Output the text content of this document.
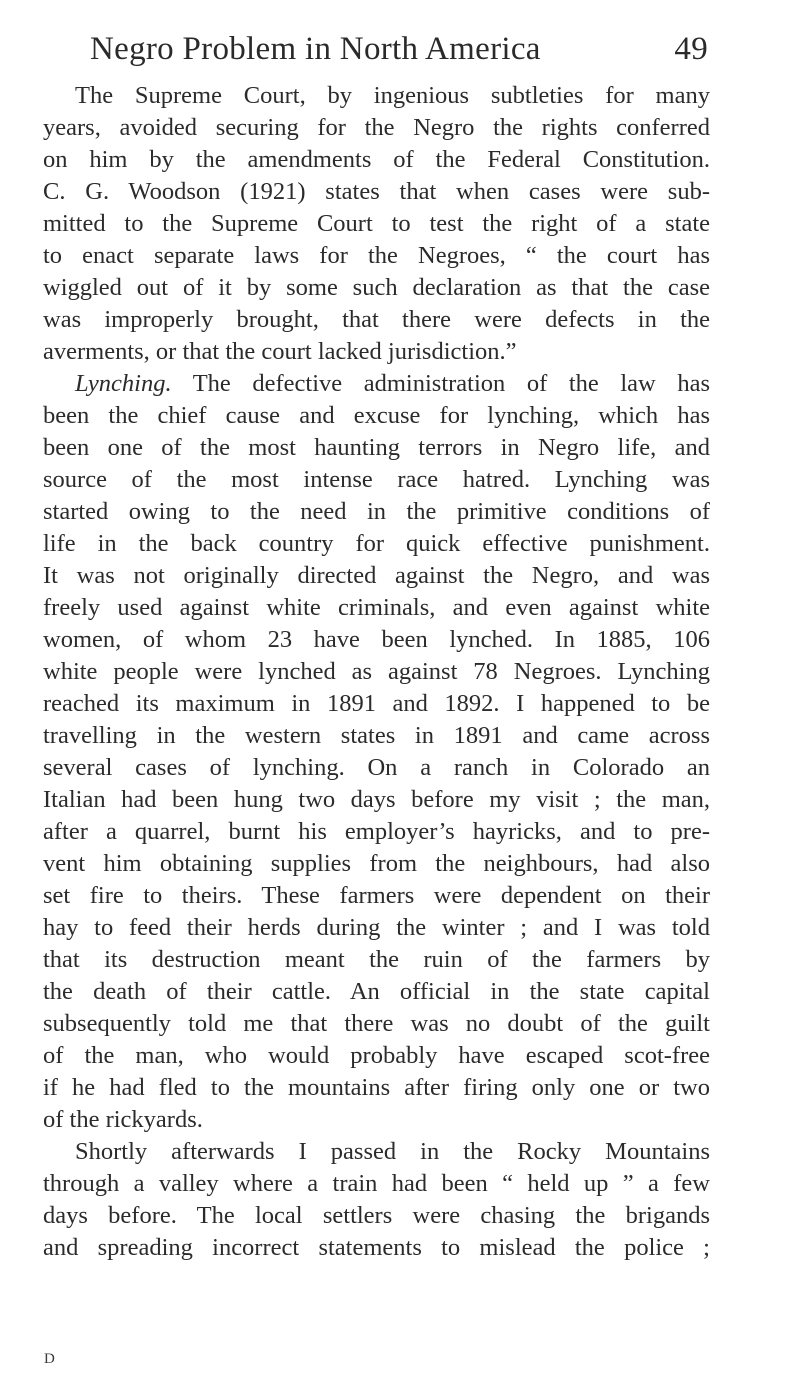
Negro Problem in North America	49
The Supreme Court, by ingenious subtleties for many
years, avoided securing for the Negro the rights conferred
on him by the amendments of the Federal Constitution.
C. G. Woodson (1921) states that when cases were sub-
mitted to the Supreme Court to test the right of a state
to enact separate laws for the Negroes, “ the court has
wiggled out of it by some such declaration as that the case
was improperly brought, that there were defects in the
averments, or that the court lacked jurisdiction.”
Lynching. The defective administration of the law has
been the chief cause and excuse for lynching, which has
been one of the most haunting terrors in Negro life, and
source of the most intense race hatred. Lynching was
started owing to the need in the primitive conditions of
life in the back country for quick effective punishment.
It was not originally directed against the Negro, and was
freely used against white criminals, and even against white
women, of whom 23 have been lynched. In 1885, 106
white people were lynched as against 78 Negroes. Lynching
reached its maximum in 1891 and 1892. I happened to be
travelling in the western states in 1891 and came across
several cases of lynching. On a ranch in Colorado an
Italian had been hung two days before my visit ; the man,
after a quarrel, burnt his employer’s hayricks, and to pre-
vent him obtaining supplies from the neighbours, had also
set fire to theirs. These farmers were dependent on their
hay to feed their herds during the winter ; and I was told
that its destruction meant the ruin of the farmers by
the death of their cattle. An official in the state capital
subsequently told me that there was no doubt of the guilt
of the man, who would probably have escaped scot-free
if he had fled to the mountains after firing only one or two
of the rickyards.
Shortly afterwards I passed in the Rocky Mountains
through a valley where a train had been “ held up ” a few
days before. The local settlers were chasing the brigands
and spreading incorrect statements to mislead the police ;
D
